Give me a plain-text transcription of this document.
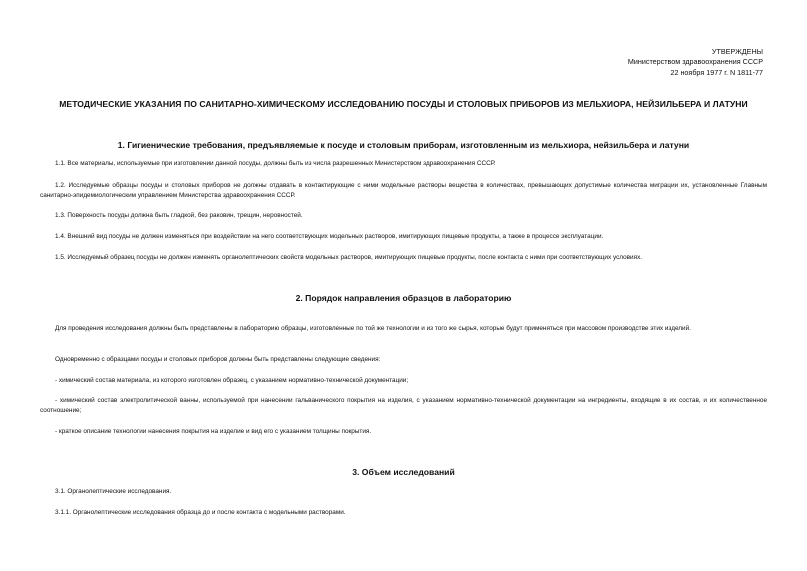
УТВЕРЖДЕНЫ
Министерством здравоохранения СССР
22 ноября 1977 г. N 1811-77
МЕТОДИЧЕСКИЕ УКАЗАНИЯ ПО САНИТАРНО-ХИМИЧЕСКОМУ ИССЛЕДОВАНИЮ ПОСУДЫ И СТОЛОВЫХ ПРИБОРОВ ИЗ МЕЛЬХИОРА, НЕЙЗИЛЬБЕРА И ЛАТУНИ
1. Гигиенические требования, предъявляемые к посуде и столовым приборам, изготовленным из мельхиора, нейзильбера и латуни
1.1. Все материалы, используемые при изготовлении данной посуды, должны быть из числа разрешенных Министерством здравоохранения СССР.
1.2. Исследуемые образцы посуды и столовых приборов не должны отдавать в контактирующие с ними модельные растворы вещества в количествах, превышающих допустимые количества миграции их, установленные Главным санитарно-эпидемиологическим управлением Министерства здравоохранения СССР.
1.3. Поверхность посуды должна быть гладкой, без раковин, трещин, неровностей.
1.4. Внешний вид посуды не должен изменяться при воздействии на него соответствующих модельных растворов, имитирующих пищевые продукты, а также в процессе эксплуатации.
1.5. Исследуемый образец посуды не должен изменять органолептических свойств модельных растворов, имитирующих пищевые продукты, после контакта с ними при соответствующих условиях.
2. Порядок направления образцов в лабораторию
Для проведения исследования должны быть представлены в лабораторию образцы, изготовленные по той же технологии и из того же сырья, которые будут применяться при массовом производстве этих изделий.
Одновременно с образцами посуды и столовых приборов должны быть представлены следующие сведения:
- химический состав материала, из которого изготовлен образец, с указанием нормативно-технической документации;
- химический состав электролитической ванны, используемой при нанесении гальванического покрытия на изделия, с указанием нормативно-технической документации на ингредиенты, входящие в их состав, и их количественное соотношение;
- краткое описание технологии нанесения покрытия на изделие и вид его с указанием толщины покрытия.
3. Объем исследований
3.1. Органолептические исследования.
3.1.1. Органолептические исследования образца до и после контакта с модельными растворами.
